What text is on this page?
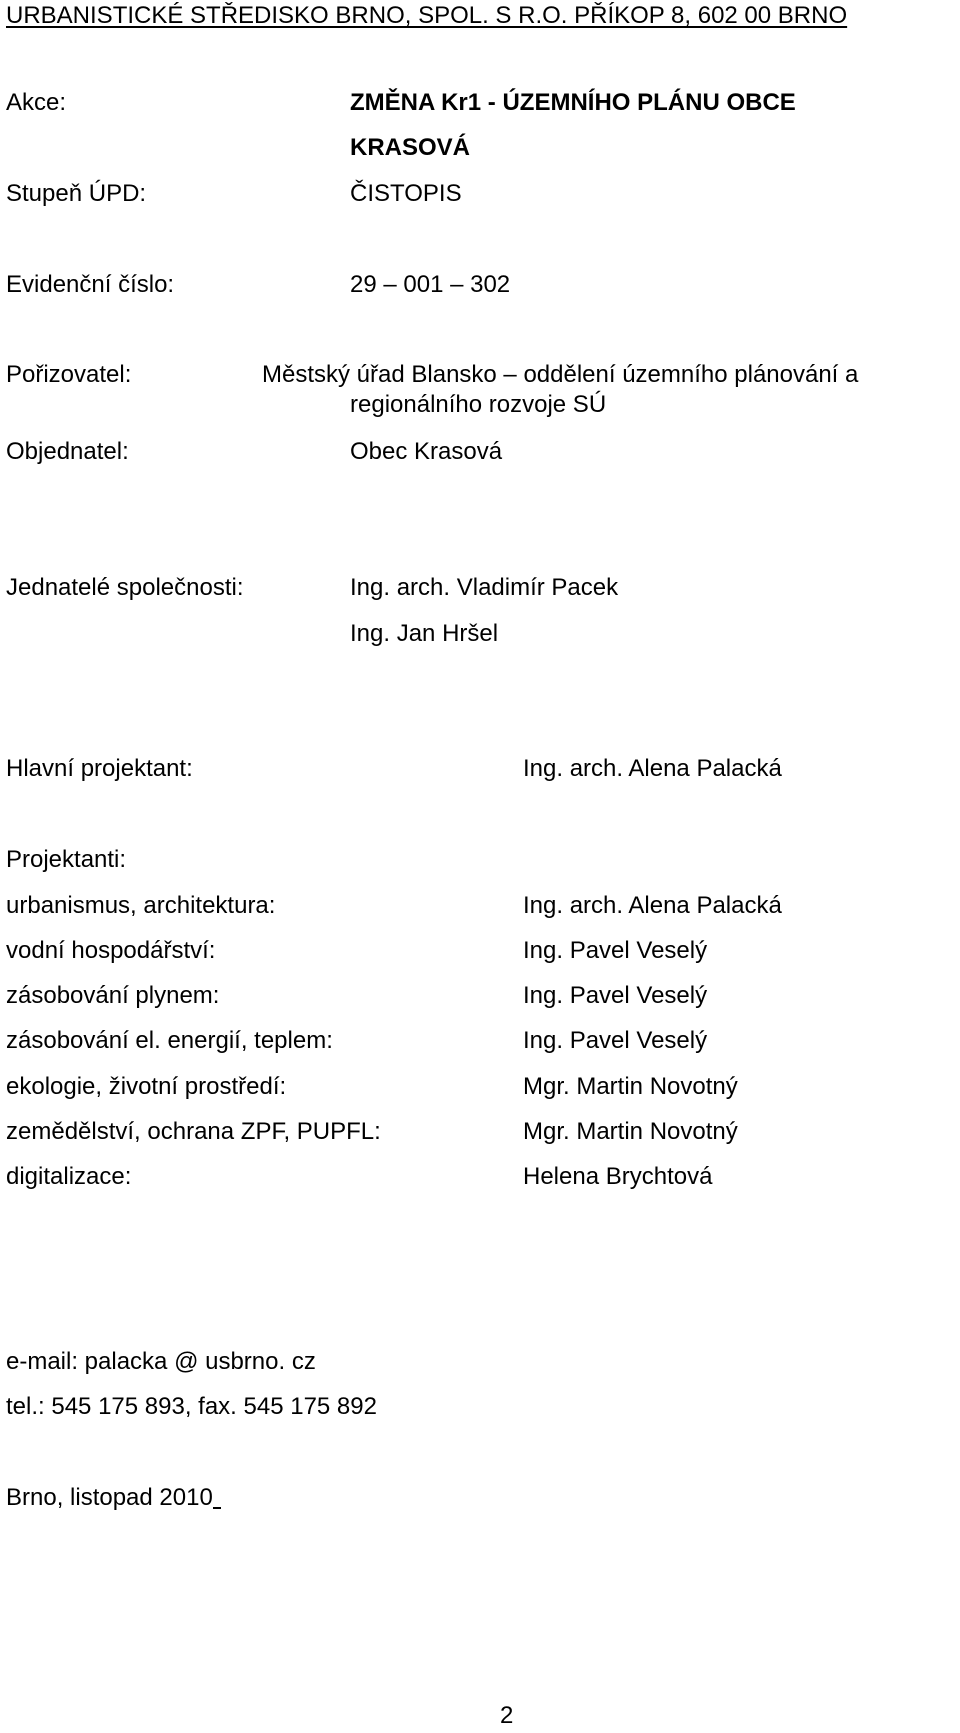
URBANISTICKÉ STŘEDISKO BRNO, SPOL. S R.O. PŘÍKOP 8, 602 00 BRNO
Akce:	ZMĚNA Kr1 - ÚZEMNÍHO PLÁNU OBCE
KRASOVÁ
Stupeň ÚPD:	ČISTOPIS
Evidenční číslo:	29 – 001 – 302
Pořizovatel:	Městský úřad Blansko – oddělení územního plánování a
regionálního rozvoje SÚ
Objednatel:	Obec Krasová
Jednatelé společnosti:	Ing. arch. Vladimír Pacek
Ing. Jan Hršel
Hlavní projektant:	Ing. arch. Alena Palacká
Projektanti:
urbanismus, architektura:	Ing. arch. Alena Palacká
vodní hospodářství:	Ing. Pavel Veselý
zásobování plynem:	Ing. Pavel Veselý
zásobování el. energií, teplem:	Ing. Pavel Veselý
ekologie, životní prostředí:	Mgr. Martin Novotný
zemědělství, ochrana ZPF, PUPFL:	Mgr. Martin Novotný
digitalizace:	Helena Brychtová
e-mail: palacka @ usbrno. cz
tel.: 545 175 893, fax. 545 175 892
Brno, listopad 2010
2
